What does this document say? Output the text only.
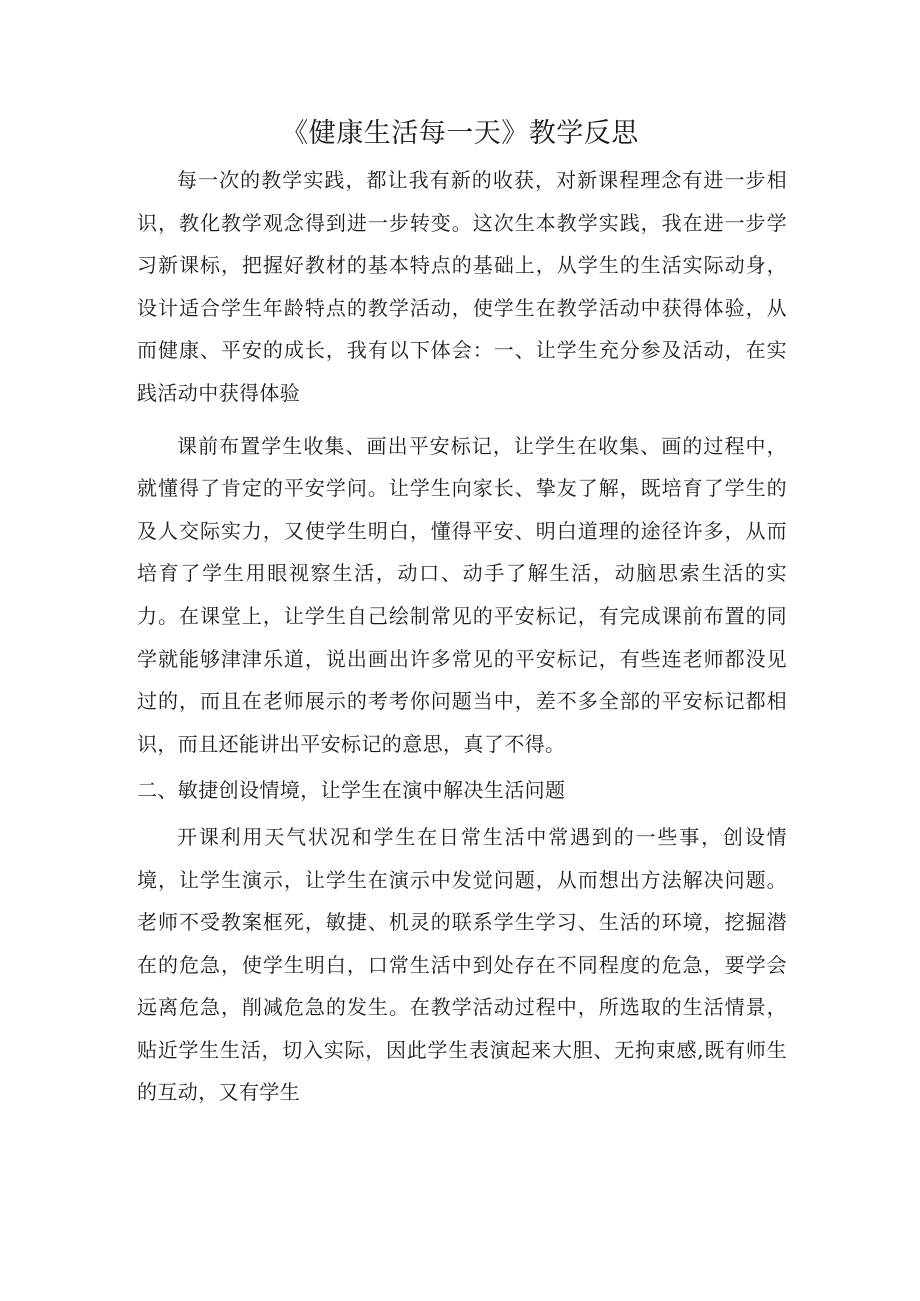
《健康生活每一天》教学反思

每一次的教学实践，都让我有新的收获，对新课程理念有进一步相识，教化教学观念得到进一步转变。这次生本教学实践，我在进一步学习新课标，把握好教材的基本特点的基础上，从学生的生活实际动身，设计适合学生年龄特点的教学活动，使学生在教学活动中获得体验，从而健康、平安的成长，我有以下体会：一、让学生充分参及活动，在实践活动中获得体验

课前布置学生收集、画出平安标记，让学生在收集、画的过程中，就懂得了肯定的平安学问。让学生向家长、挚友了解，既培育了学生的及人交际实力，又使学生明白，懂得平安、明白道理的途径许多，从而培育了学生用眼视察生活，动口、动手了解生活，动脑思索生活的实力。在课堂上，让学生自己绘制常见的平安标记，有完成课前布置的同学就能够津津乐道，说出画出许多常见的平安标记，有些连老师都没见过的，而且在老师展示的考考你问题当中，差不多全部的平安标记都相识，而且还能讲出平安标记的意思，真了不得。

二、敏捷创设情境，让学生在演中解决生活问题

开课利用天气状况和学生在日常生活中常遇到的一些事，创设情境，让学生演示，让学生在演示中发觉问题，从而想出方法解决问题。老师不受教案框死，敏捷、机灵的联系学生学习、生活的环境，挖掘潜在的危急，使学生明白，口常生活中到处存在不同程度的危急，要学会远离危急，削减危急的发生。在教学活动过程中，所选取的生活情景，贴近学生生活，切入实际，因此学生表演起来大胆、无拘束感,既有师生的互动，又有学生
